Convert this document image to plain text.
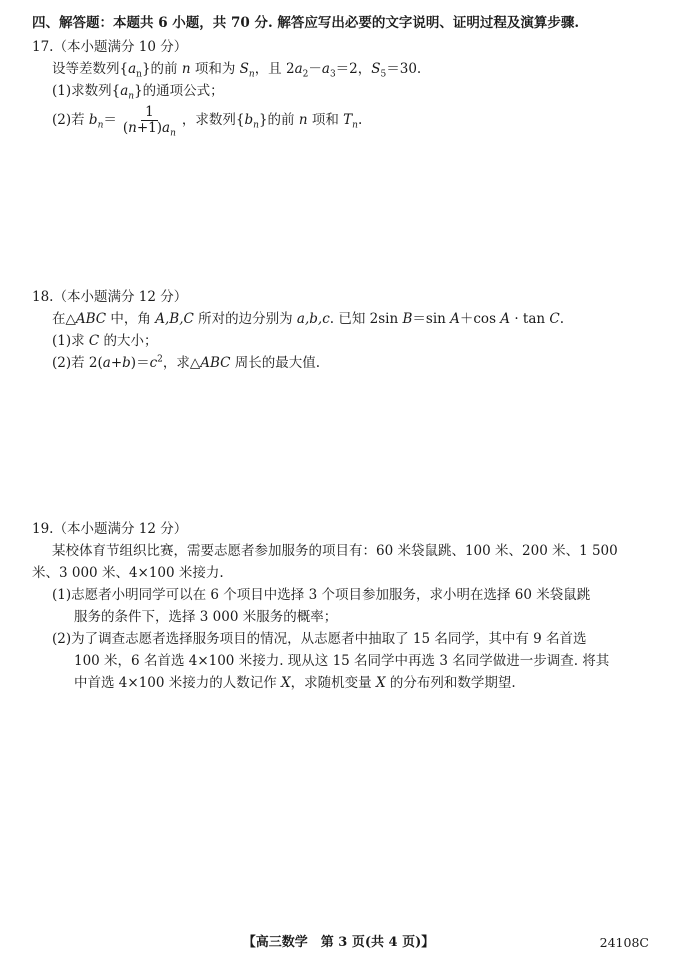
四、解答题：本题共 6 小题，共 70 分. 解答应写出必要的文字说明、证明过程及演算步骤.
17.（本小题满分 10 分）
设等差数列$\{a_n\}$的前 n 项和为 $S_n$，且 $2a_2-a_3=2$，$S_5=30$.
(1)求数列$\{a_n\}$的通项公式；
(2)若 $b_n= \frac{1}{(n+1)a_n}$ ，求数列$\{b_n\}$的前 n 项和 $T_n$.
18.（本小题满分 12 分）
在△ABC 中，角 A,B,C 所对的边分别为 a,b,c. 已知 2sin B＝sin A＋cos A · tan C.
(1)求 C 的大小；
(2)若 $2(a+b)=c^2$，求△ABC 周长的最大值.
19.（本小题满分 12 分）
某校体育节组织比赛，需要志愿者参加服务的项目有：60 米袋鼠跳、100 米、200 米、1 500
米、3 000 米、4×100 米接力.
(1)志愿者小明同学可以在 6 个项目中选择 3 个项目参加服务，求小明在选择 60 米袋鼠跳
服务的条件下，选择 3 000 米服务的概率；
(2)为了调查志愿者选择服务项目的情况，从志愿者中抽取了 15 名同学，其中有 9 名首选
100 米，6 名首选 4×100 米接力. 现从这 15 名同学中再选 3 名同学做进一步调查. 将其
中首选 4×100 米接力的人数记作 X，求随机变量 X 的分布列和数学期望.
【高三数学　第 3 页(共 4 页)】	24108C
